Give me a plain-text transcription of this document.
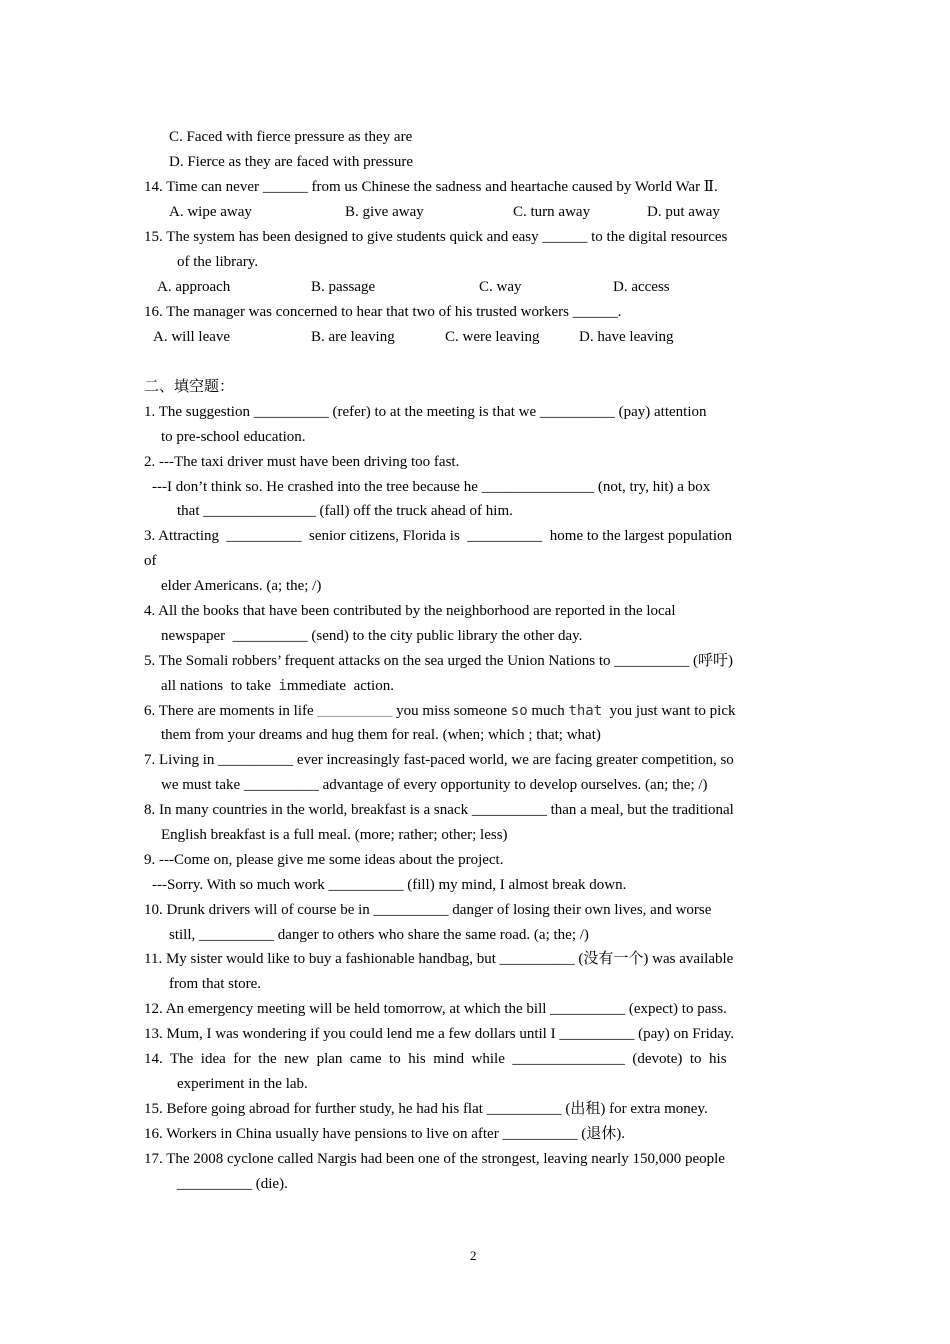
C. Faced with fierce pressure as they are
D. Fierce as they are faced with pressure
14. Time can never ______ from us Chinese the sadness and heartache caused by World War Ⅱ.
A. wipe away	B. give away	C. turn away	D. put away
15. The system has been designed to give students quick and easy ______ to the digital resources
of the library.
A. approach	B. passage	C. way	D. access
16. The manager was concerned to hear that two of his trusted workers ______.
A. will leave	B. are leaving	C. were leaving	D. have leaving
二、填空题：
1. The suggestion __________ (refer) to at the meeting is that we __________ (pay) attention
to pre-school education.
2. ---The taxi driver must have been driving too fast.
---I don’t think so. He crashed into the tree because he _______________ (not, try, hit) a box
that _______________ (fall) off the truck ahead of him.
3. Attracting  __________  senior citizens, Florida is  __________  home to the largest population
of
elder Americans. (a; the; /)
4. All the books that have been contributed by the neighborhood are reported in the local
newspaper  __________ (send) to the city public library the other day.
5. The Somali robbers’ frequent attacks on the sea urged the Union Nations to __________ (呼吁)
all nations  to take immediate  action.
6. There are moments in life __________ you miss someone so much that  you just want to pick
them from your dreams and hug them for real. (when; which ; that; what)
7. Living in __________ ever increasingly fast-paced world, we are facing greater competition, so
we must take __________ advantage of every opportunity to develop ourselves. (an; the; /)
8. In many countries in the world, breakfast is a snack __________ than a meal, but the traditional
English breakfast is a full meal. (more; rather; other; less)
9. ---Come on, please give me some ideas about the project.
---Sorry. With so much work __________ (fill) my mind, I almost break down.
10. Drunk drivers will of course be in __________ danger of losing their own lives, and worse
still, __________ danger to others who share the same road. (a; the; /)
11. My sister would like to buy a fashionable handbag, but __________ (没有一个) was available
from that store.
12. An emergency meeting will be held tomorrow, at which the bill __________ (expect) to pass.
13. Mum, I was wondering if you could lend me a few dollars until I __________ (pay) on Friday.
14.  The  idea  for  the  new  plan  came  to  his  mind  while  _______________  (devote)  to  his
experiment in the lab.
15. Before going abroad for further study, he had his flat __________ (出租) for extra money.
16. Workers in China usually have pensions to live on after __________ (退休).
17. The 2008 cyclone called Nargis had been one of the strongest, leaving nearly 150,000 people
__________ (die).
2
